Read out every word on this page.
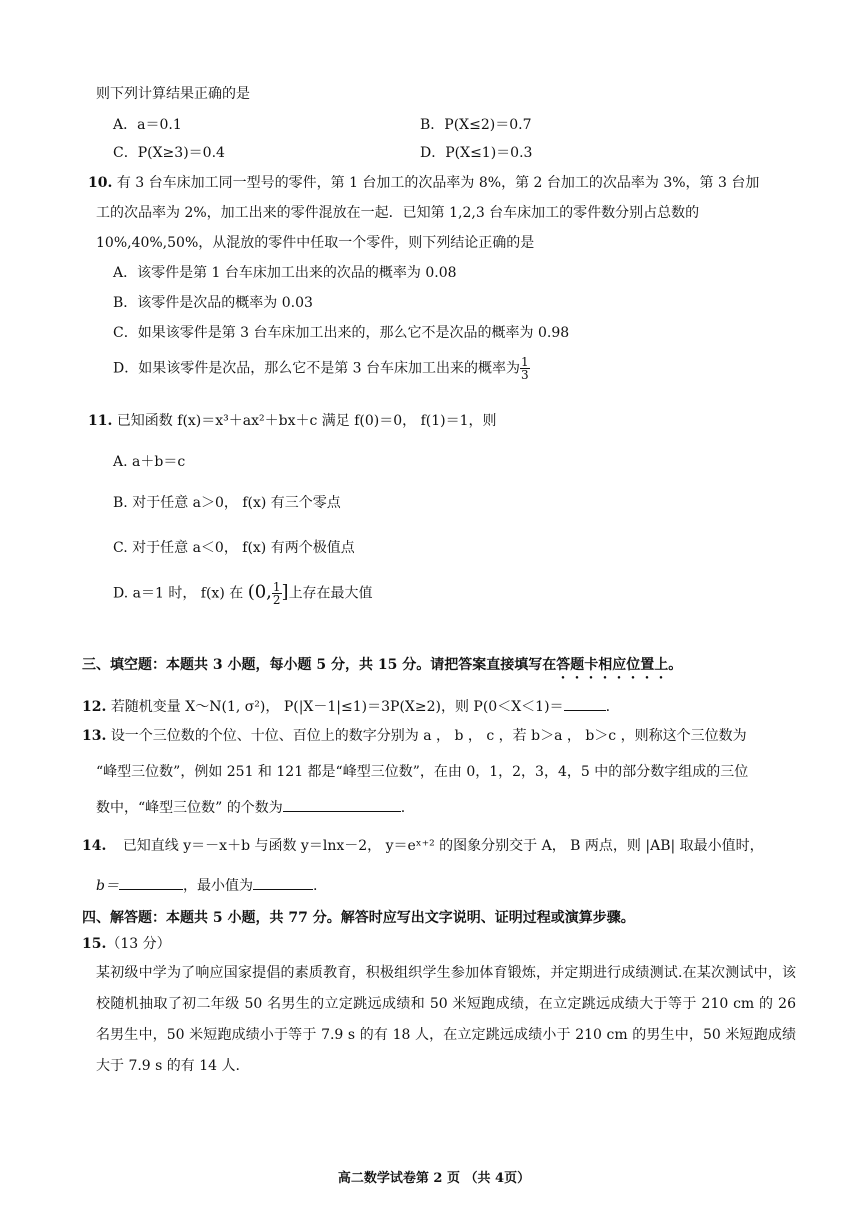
则下列计算结果正确的是
A．a＝0.1	B．P(X≤2)＝0.7
C．P(X≥3)＝0.4	D．P(X≤1)＝0.3
10. 有 3 台车床加工同一型号的零件，第 1 台加工的次品率为 8%，第 2 台加工的次品率为 3%，第 3 台加
工的次品率为 2%，加工出来的零件混放在一起．已知第 1,2,3 台车床加工的零件数分别占总数的
10%,40%,50%，从混放的零件中任取一个零件，则下列结论正确的是
A．该零件是第 1 台车床加工出来的次品的概率为 0.08
B．该零件是次品的概率为 0.03
C．如果该零件是第 3 台车床加工出来的，那么它不是次品的概率为 0.98
D．如果该零件是次品，那么它不是第 3 台车床加工出来的概率为 $\frac{1}{3}$
11. 已知函数 f(x)＝x³＋ax²＋bx＋c 满足 f(0)＝0， f(1)＝1，则
A. a＋b＝c
B. 对于任意 a＞0， f(x) 有三个零点
C. 对于任意 a＜0， f(x) 有两个极值点
D. a＝1 时， f(x) 在 (0, $\frac{1}{2}$ ]上存在最大值
三、填空题：本题共 3 小题，每小题 5 分，共 15 分。请把答案直接填写在答题卡相应位置上。
12. 若随机变量 X～N(1, σ²)， P(|X－1|≤1)＝3P(X≥2)，则 P(0＜X＜1)＝	.
13. 设一个三位数的个位、十位、百位上的数字分别为 a ， b ， c ，若 b＞a ， b＞c ，则称这个三位数为
“峰型三位数”，例如 251 和 121 都是“峰型三位数”，在由 0，1，2，3，4，5 中的部分数字组成的三位
数中，“峰型三位数” 的个数为	.
14. 已知直线 y＝－x＋b 与函数 y＝lnx－2， y＝eˣ⁺² 的图象分别交于 A， B 两点，则 |AB| 取最小值时，
b＝	，最小值为	.
四、解答题：本题共 5 小题，共 77 分。解答时应写出文字说明、证明过程或演算步骤。
15.（13 分）
某初级中学为了响应国家提倡的素质教育，积极组织学生参加体育锻炼，并定期进行成绩测试.在某次测试中，该校随机抽取了初二年级 50 名男生的立定跳远成绩和 50 米短跑成绩，在立定跳远成绩大于等于 210 cm 的 26 名男生中，50 米短跑成绩小于等于 7.9 s 的有 18 人，在立定跳远成绩小于 210 cm 的男生中，50 米短跑成绩大于 7.9 s 的有 14 人.
高二数学试卷第 2 页 （共 4页）
